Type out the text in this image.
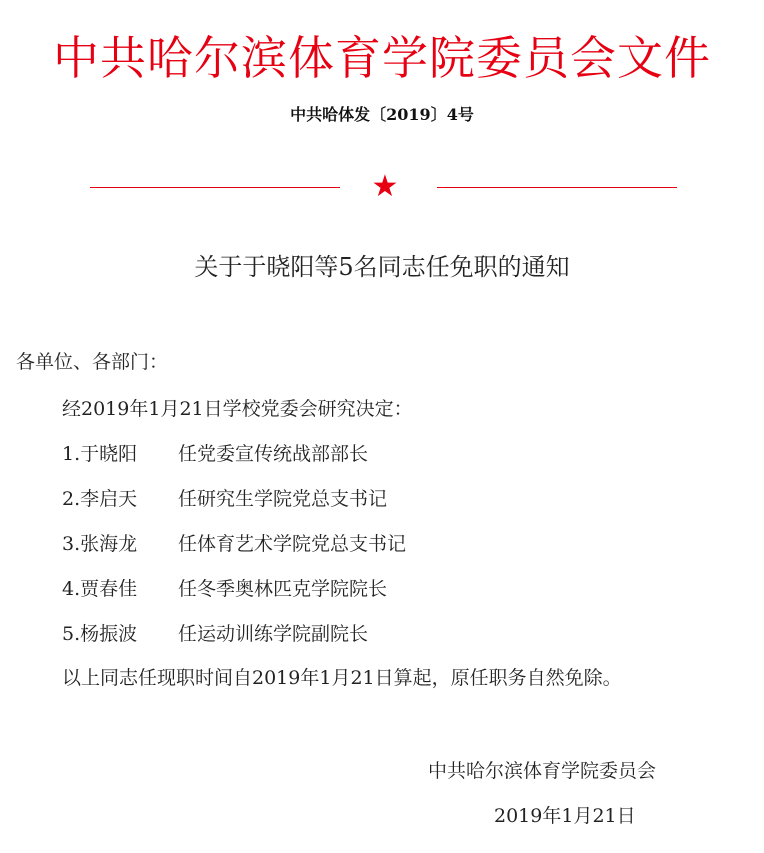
中共哈尔滨体育学院委员会文件
中共哈体发〔2019〕4号
★
关于于晓阳等5名同志任免职的通知
各单位、各部门：
经2019年1月21日学校党委会研究决定：
1.于晓阳 任党委宣传统战部部长
2.李启天 任研究生学院党总支书记
3.张海龙 任体育艺术学院党总支书记
4.贾春佳 任冬季奥林匹克学院院长
5.杨振波 任运动训练学院副院长
以上同志任现职时间自2019年1月21日算起，原任职务自然免除。
中共哈尔滨体育学院委员会
2019年1月21日
